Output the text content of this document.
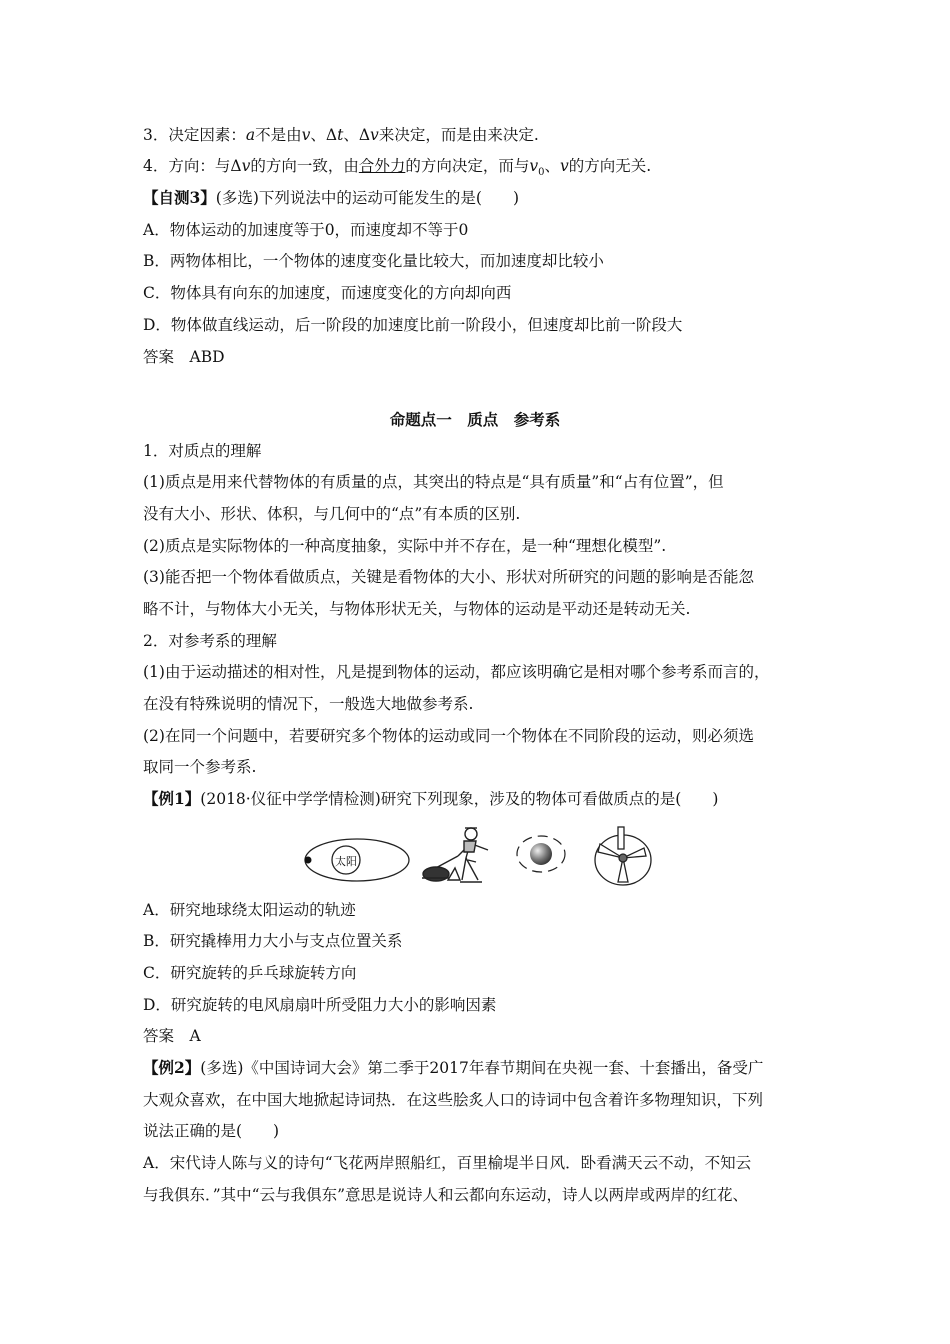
3．决定因素：a不是由v、Δt、Δv来决定，而是由来决定.
4．方向：与Δv的方向一致，由合外力的方向决定，而与$v_0$、v的方向无关.
【自测3】(多选)下列说法中的运动可能发生的是(　　)
A．物体运动的加速度等于0，而速度却不等于0
B．两物体相比，一个物体的速度变化量比较大，而加速度却比较小
C．物体具有向东的加速度，而速度变化的方向却向西
D．物体做直线运动，后一阶段的加速度比前一阶段小，但速度却比前一阶段大
答案　ABD
命题点一　质点　参考系
1．对质点的理解
(1)质点是用来代替物体的有质量的点，其突出的特点是“具有质量”和“占有位置”，但
没有大小、形状、体积，与几何中的“点”有本质的区别.
(2)质点是实际物体的一种高度抽象，实际中并不存在，是一种“理想化模型”.
(3)能否把一个物体看做质点，关键是看物体的大小、形状对所研究的问题的影响是否能忽
略不计，与物体大小无关，与物体形状无关，与物体的运动是平动还是转动无关.
2．对参考系的理解
(1)由于运动描述的相对性，凡是提到物体的运动，都应该明确它是相对哪个参考系而言的，
在没有特殊说明的情况下，一般选大地做参考系.
(2)在同一个问题中，若要研究多个物体的运动或同一个物体在不同阶段的运动，则必须选
取同一个参考系.
【例1】(2018·仪征中学学情检测)研究下列现象，涉及的物体可看做质点的是(　　)
太阳
A．研究地球绕太阳运动的轨迹
B．研究撬棒用力大小与支点位置关系
C．研究旋转的乒乓球旋转方向
D．研究旋转的电风扇扇叶所受阻力大小的影响因素
答案　A
【例2】(多选)《中国诗词大会》第二季于2017年春节期间在央视一套、十套播出，备受广
大观众喜欢，在中国大地掀起诗词热．在这些脍炙人口的诗词中包含着许多物理知识，下列
说法正确的是(　　)
A．宋代诗人陈与义的诗句“飞花两岸照船红，百里榆堤半日风．卧看满天云不动，不知云
与我俱东．”其中“云与我俱东”意思是说诗人和云都向东运动，诗人以两岸或两岸的红花、
